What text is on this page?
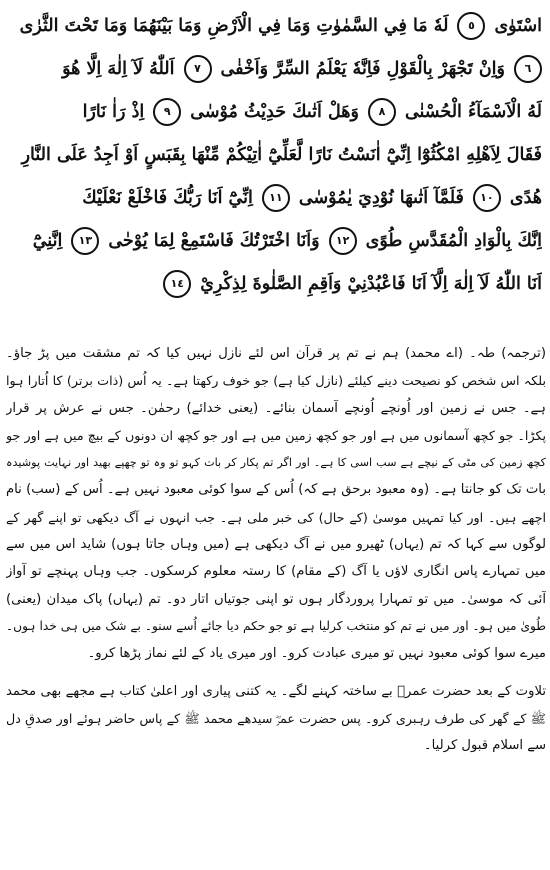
اسْتَوٰى
٥
لَهٗ مَا فِي السَّمٰوٰتِ وَمَا فِي الْاَرْضِ وَمَا بَيْنَهُمَا وَمَا تَحْتَ الثَّرٰى
٦
وَاِنْ تَجْهَرْ بِالْقَوْلِ فَاِنَّهٗ يَعْلَمُ السِّرَّ وَاَخْفٰى
٧
اَللّٰهُ لَآ اِلٰهَ اِلَّا هُوَ
لَهُ الْاَسْمَآءُ الْحُسْنٰى
٨
وَهَلْ اَتٰىكَ حَدِيْثُ مُوْسٰى
٩
اِذْ رَاٰ نَارًا
فَقَالَ لِاَهْلِهِ امْكُثُوْٓا اِنِّيْٓ اٰنَسْتُ نَارًا لَّعَلِّيْٓ اٰتِيْكُمْ مِّنْهَا بِقَبَسٍ اَوْ اَجِدُ عَلَى النَّارِ
هُدًى
١٠
فَلَمَّآ اَتٰىهَا نُوْدِيَ يٰمُوْسٰى
١١
اِنِّيْٓ اَنَا رَبُّكَ فَاخْلَعْ نَعْلَيْكَ
اِنَّكَ بِالْوَادِ الْمُقَدَّسِ طُوًى
١٢
وَاَنَا اخْتَرْتُكَ فَاسْتَمِعْ لِمَا يُوْحٰى
١٣
اِنَّنِيْٓ
اَنَا اللّٰهُ لَآ اِلٰهَ اِلَّآ اَنَا فَاعْبُدْنِيْ وَاَقِمِ الصَّلٰوةَ لِذِكْرِيْ
١٤
(ترجمہ) طہ۔ (اے محمد) ہم نے تم پر قرآن اس لئے نازل نہیں کیا کہ تم مشقت میں پڑ جاؤ۔
بلکہ اس شخص کو نصیحت دینے کیلئے (نازل کیا ہے) جو خوف رکھتا ہے۔ یہ اُس (ذات برتر) کا اُتارا ہوا
ہے۔ جس نے زمین اور اُونچے اُونچے آسمان بنائے۔ (یعنی خدائے) رحمٰن۔ جس نے عرش پر قرار
پکڑا۔ جو کچھ آسمانوں میں ہے اور جو کچھ زمین میں ہے اور جو کچھ ان دونوں کے بیچ میں ہے اور جو
کچھ زمین کی مٹی کے نیچے ہے سب اسی کا ہے۔ اور اگر تم پکار کر بات کہو تو وہ تو چھپے بھید اور نہایت پوشیدہ
بات تک کو جانتا ہے۔ (وہ معبود برحق ہے کہ) اُس کے سوا کوئی معبود نہیں ہے۔ اُس کے (سب) نام
اچھے ہیں۔ اور کیا تمہیں موسیٰ (کے حال) کی خبر ملی ہے۔ جب انہوں نے آگ دیکھی تو اپنے گھر کے
لوگوں سے کہا کہ تم (یہاں) ٹھیرو میں نے آگ دیکھی ہے (میں وہاں جاتا ہوں) شاید اس میں سے
میں تمہارے پاس انگاری لاؤں یا آگ (کے مقام) کا رستہ معلوم کرسکوں۔ جب وہاں پہنچے تو آواز
آئی کہ موسیٰ۔ میں تو تمہارا پروردگار ہوں تو اپنی جوتیاں اتار دو۔ تم (یہاں) پاک میدان (یعنی)
طُویٰ میں ہو۔ اور میں نے تم کو منتخب کرلیا ہے تو جو حکم دیا جائے اُسے سنو۔ بے شک میں ہی خدا ہوں۔
میرے سوا کوئی معبود نہیں تو میری عبادت کرو۔ اور میری یاد کے لئے نماز پڑھا کرو۔
تلاوت کے بعد حضرت عمرؓ بے ساختہ کہنے لگے۔ یہ کتنی پیاری اور اعلیٰ کتاب ہے مجھے بھی محمد
ﷺ کے گھر کی طرف رہبری کرو۔ پس حضرت عمرؓ سیدھے محمد ﷺ کے پاس حاضر ہوئے اور صدقِ دل
سے اسلام قبول کرلیا۔
